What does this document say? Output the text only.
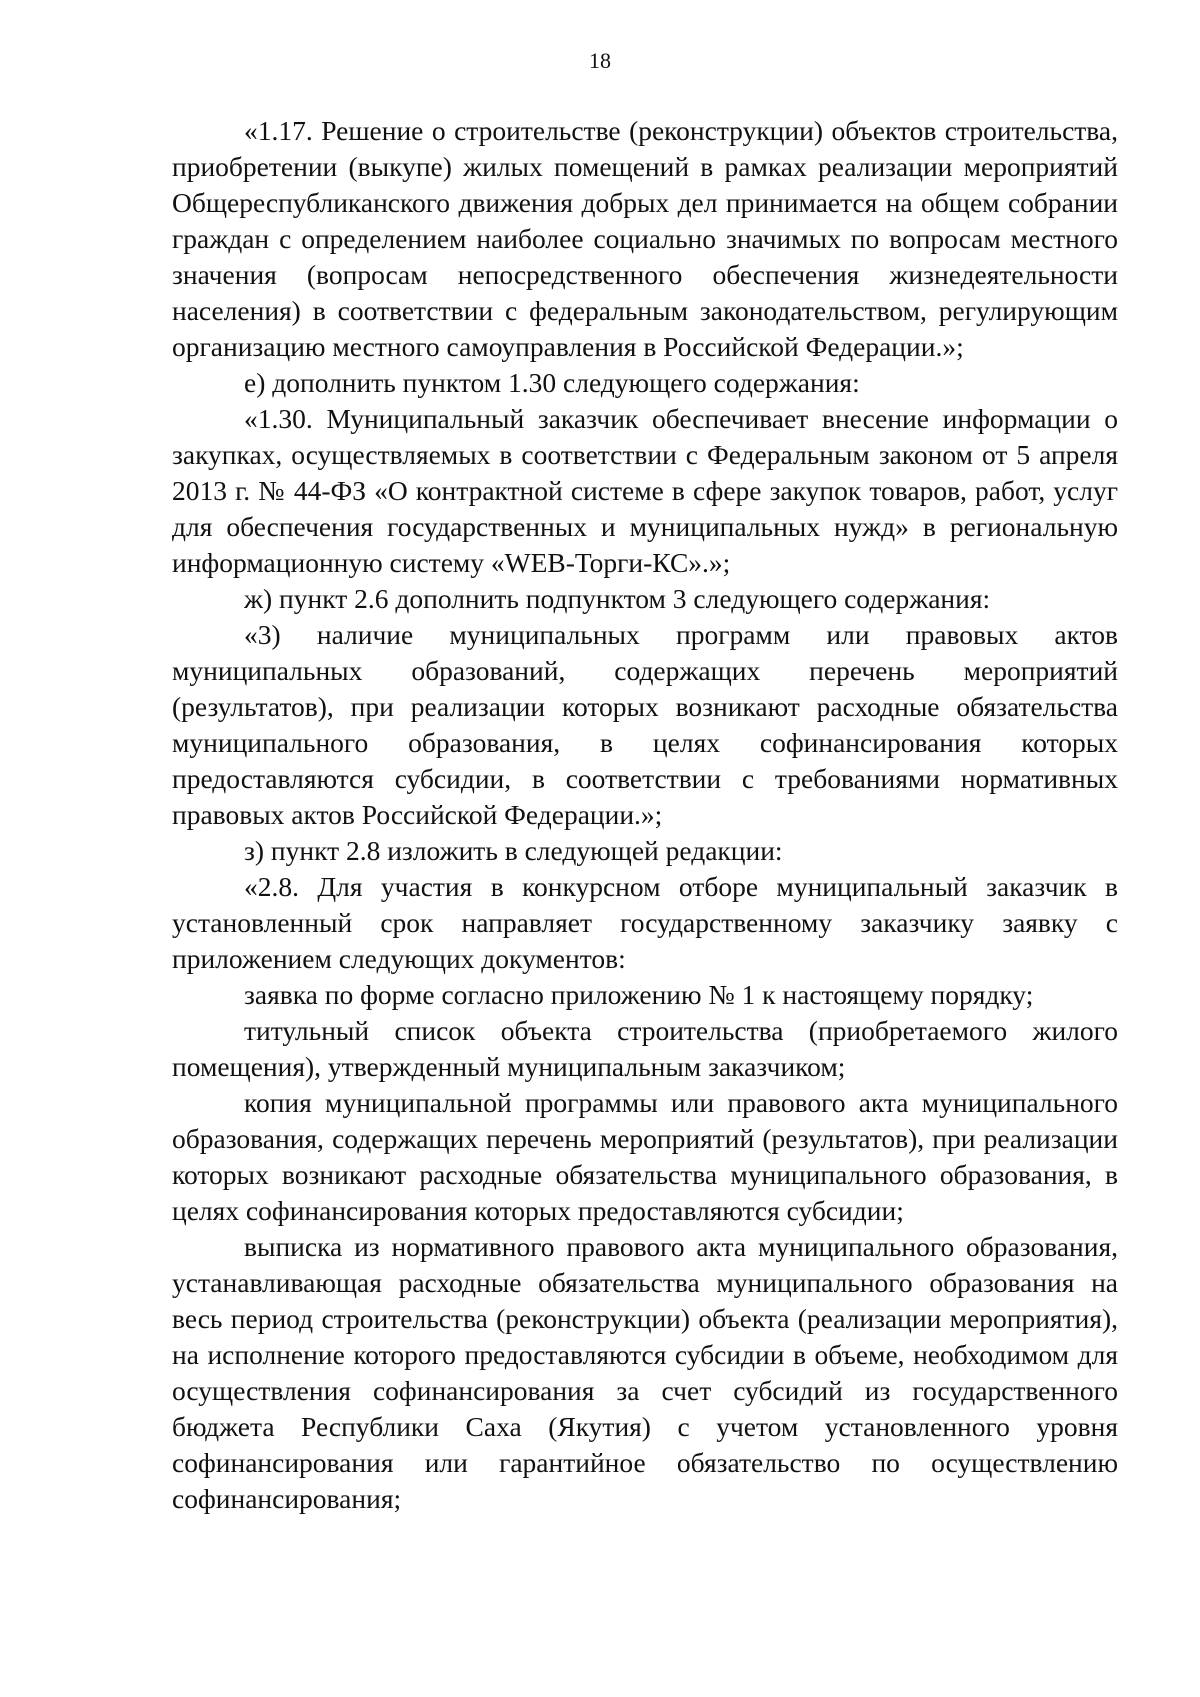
18

«1.17. Решение о строительстве (реконструкции) объектов строительства, приобретении (выкупе) жилых помещений в рамках реализации мероприятий Общереспубликанского движения добрых дел принимается на общем собрании граждан с определением наиболее социально значимых по вопросам местного значения (вопросам непосредственного обеспечения жизнедеятельности населения) в соответствии с федеральным законодательством, регулирующим организацию местного самоуправления в Российской Федерации.»;

е) дополнить пунктом 1.30 следующего содержания:

«1.30. Муниципальный заказчик обеспечивает внесение информации о закупках, осуществляемых в соответствии с Федеральным законом от 5 апреля 2013 г. № 44-ФЗ «О контрактной системе в сфере закупок товаров, работ, услуг для обеспечения государственных и муниципальных нужд» в региональную информационную систему «WEB-Торги-КС».»;

ж) пункт 2.6 дополнить подпунктом 3 следующего содержания:

«3) наличие муниципальных программ или правовых актов муниципальных образований, содержащих перечень мероприятий (результатов), при реализации которых возникают расходные обязательства муниципального образования, в целях софинансирования которых предоставляются субсидии, в соответствии с требованиями нормативных правовых актов Российской Федерации.»;

з) пункт 2.8 изложить в следующей редакции:

«2.8. Для участия в конкурсном отборе муниципальный заказчик в установленный срок направляет государственному заказчику заявку с приложением следующих документов:

заявка по форме согласно приложению № 1 к настоящему порядку;

титульный список объекта строительства (приобретаемого жилого помещения), утвержденный муниципальным заказчиком;

копия муниципальной программы или правового акта муниципального образования, содержащих перечень мероприятий (результатов), при реализации которых возникают расходные обязательства муниципального образования, в целях софинансирования которых предоставляются субсидии;

выписка из нормативного правового акта муниципального образования, устанавливающая расходные обязательства муниципального образования на весь период строительства (реконструкции) объекта (реализации мероприятия), на исполнение которого предоставляются субсидии в объеме, необходимом для осуществления софинансирования за счет субсидий из государственного бюджета Республики Саха (Якутия) с учетом установленного уровня софинансирования или гарантийное обязательство по осуществлению софинансирования;
